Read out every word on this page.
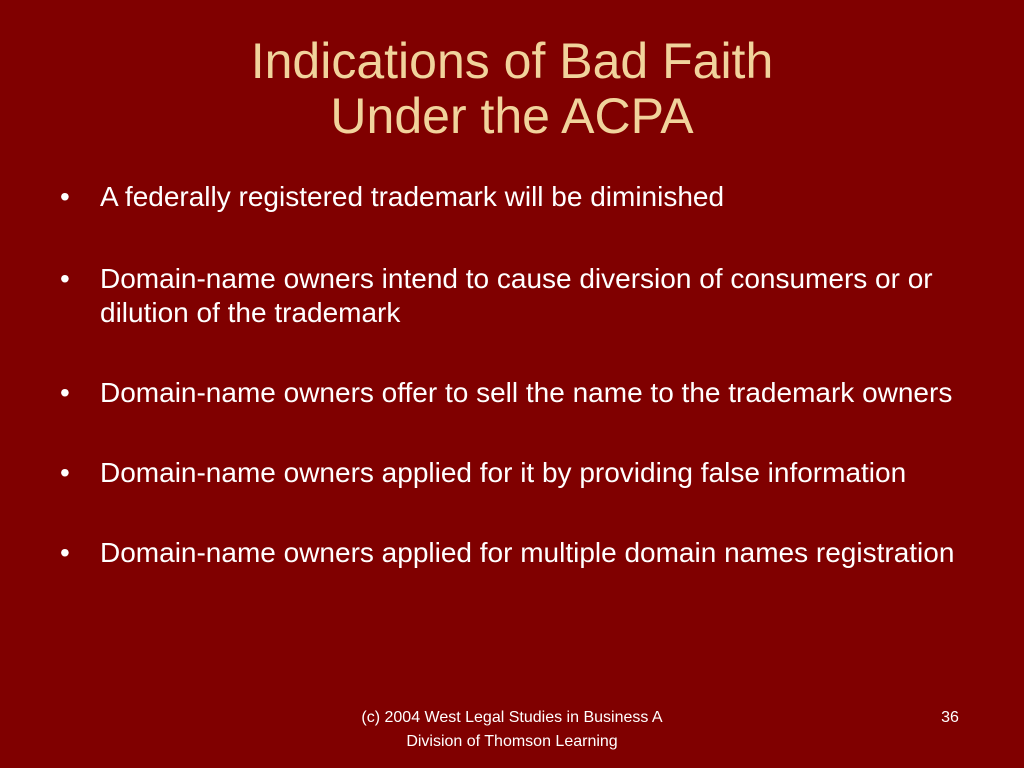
Indications of Bad Faith
Under the ACPA
•	A federally registered trademark will be diminished
•	Domain-name owners intend to cause diversion of consumers or or dilution of the trademark
•	Domain-name owners offer to sell the name to the trademark owners
•	Domain-name owners applied for it by providing false information
•	Domain-name owners applied for multiple domain names registration
(c) 2004 West Legal Studies in Business A Division of Thomson Learning
36
